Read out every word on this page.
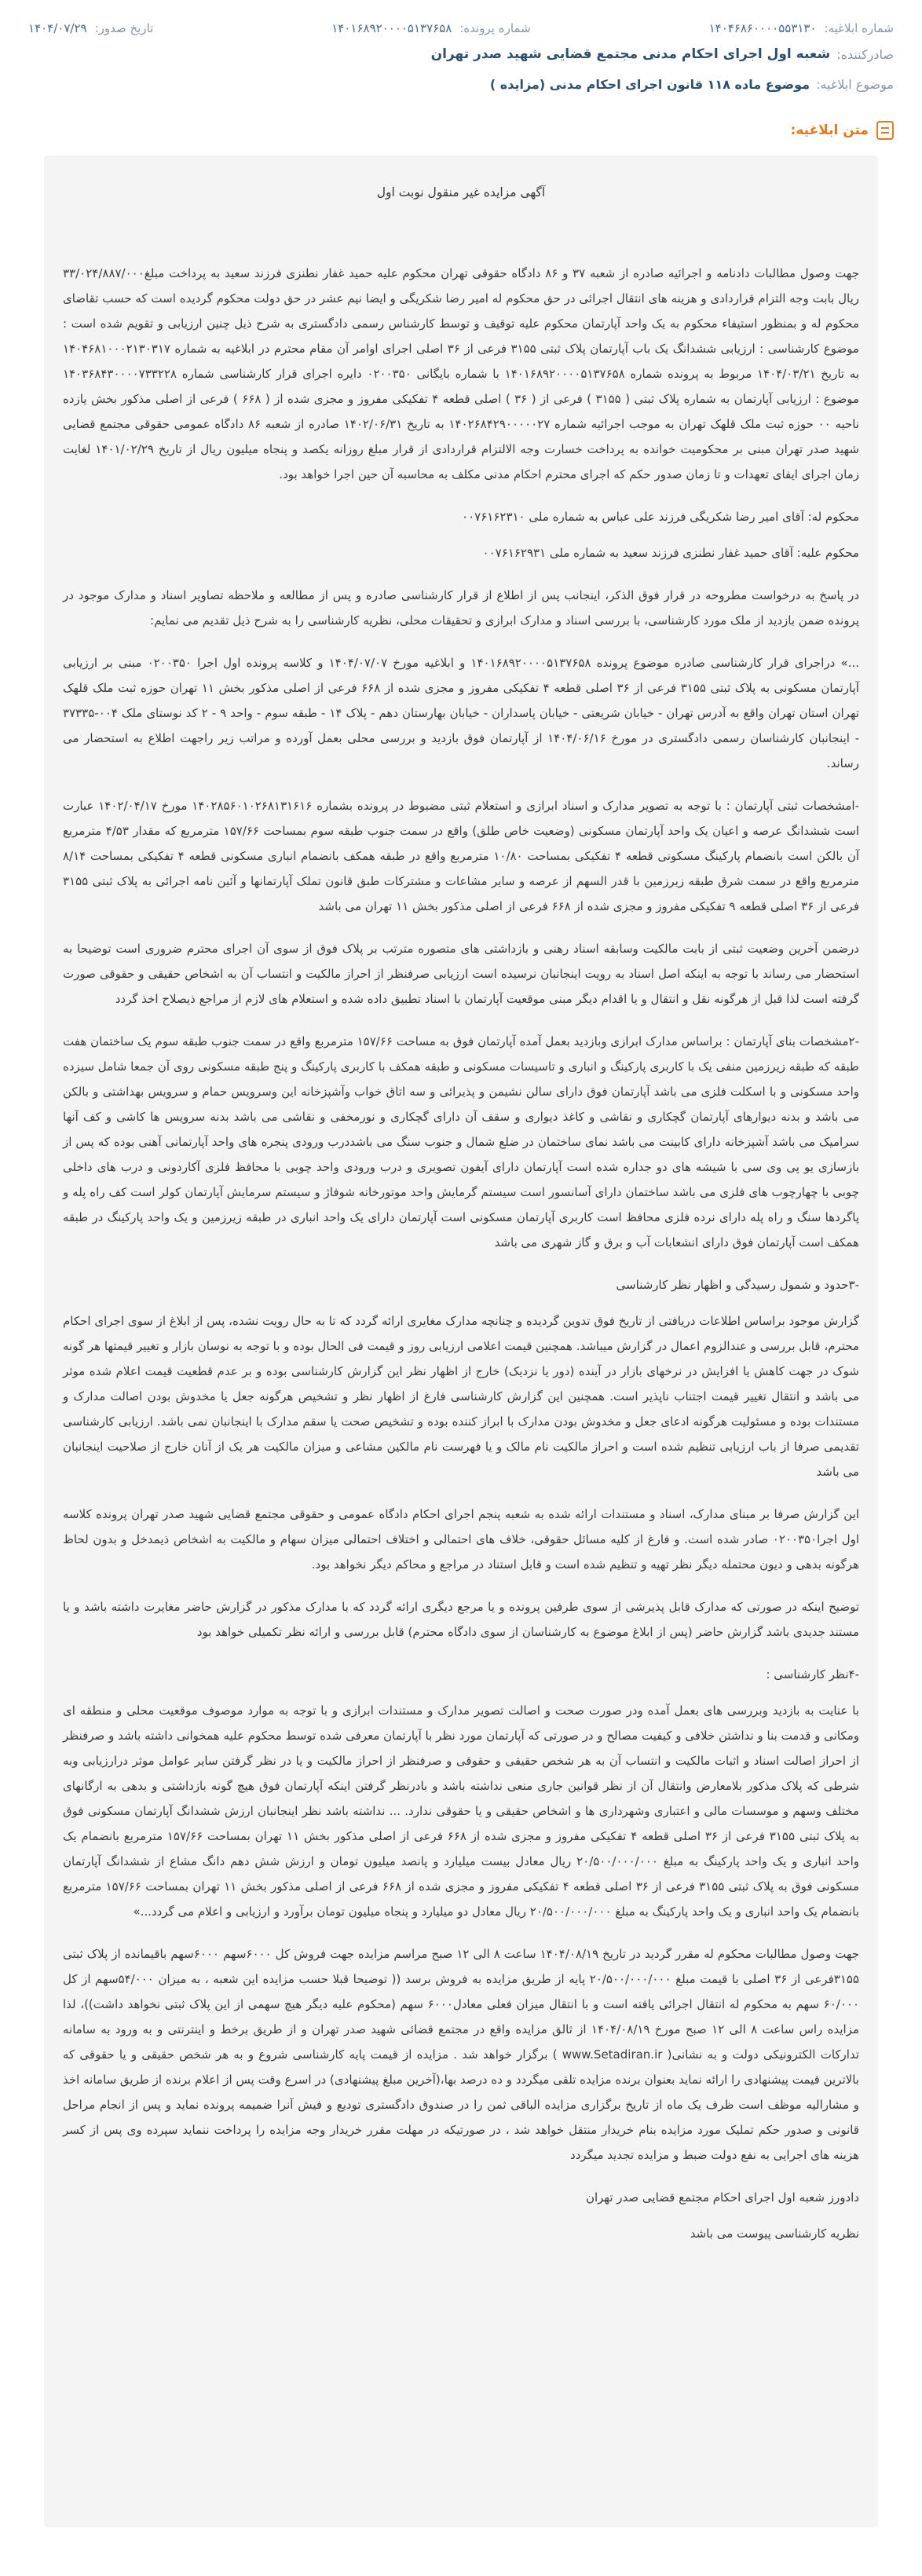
شماره ابلاغیه:
۱۴۰۴۶۸۶۰۰۰۰۵۵۳۱۳۰
شماره پرونده:
۱۴۰۱۶۸۹۲۰۰۰۰۵۱۳۷۶۵۸
تاریخ صدور:
۱۴۰۴/۰۷/۲۹
صادرکننده:
شعبه اول اجرای احکام مدنی مجتمع قضایی شهید صدر تهران
موضوع ابلاغیه:
موضوع ماده ۱۱۸ قانون اجرای احکام مدنی (مزایده )
متن ابلاغیه:
آگهی مزایده غیر منقول نوبت اول

جهت وصول مطالبات دادنامه و اجرائیه صادره از شعبه ۳۷ و ۸۶ دادگاه حقوقی تهران محکوم علیه حمید غفار نطنزی فرزند سعید به پرداخت مبلغ۳۳/۰۲۴/۸۸۷/۰۰۰ ریال بابت وجه التزام قراردادی و هزینه های انتقال اجرائی در حق محکوم له امیر رضا شکریگی و ایضا نیم عشر در حق دولت محکوم گردیده است که حسب تقاضای محکوم له و بمنظور استیفاء محکوم به یک واحد آپارتمان محکوم علیه توقیف و توسط کارشناس رسمی دادگستری به شرح ذیل چنین ارزیابی و تقویم شده است : موضوع کارشناسی : ارزیابی ششدانگ یک باب آپارتمان پلاک ثبتی ۳۱۵۵ فرعی از ۳۶ اصلی اجرای اوامر آن مقام محترم در ابلاغیه به شماره ۱۴۰۴۶۸۱۰۰۰۲۱۳۰۳۱۷ به تاریخ ۱۴۰۴/۰۳/۲۱ مربوط به پرونده شماره ۱۴۰۱۶۸۹۲۰۰۰۰۵۱۳۷۶۵۸ با شماره بایگانی ۰۲۰۰۳۵۰ دایره اجرای قرار کارشناسی شماره ۱۴۰۳۶۸۴۳۰۰۰۰۷۳۳۲۲۸ موضوع : ارزیابی آپارتمان به شماره پلاک ثبتی ( ۳۱۵۵ ) فرعی از ( ۳۶ ) اصلی قطعه ۴ تفکیکی مفروز و مجزی شده از ( ۶۶۸ ) فرعی از اصلی مذکور بخش یازده ناحیه ۰۰ حوزه ثبت ملک قلهک تهران به موجب اجرائیه شماره ۱۴۰۲۶۸۴۲۹۰۰۰۰۰۲۷ به تاریخ ۱۴۰۲/۰۶/۳۱ صادره از شعبه ۸۶ دادگاه عمومی حقوقی مجتمع قضایی شهید صدر تهران مبنی بر محکومیت خوانده به پرداخت خسارت وجه الالتزام قراردادی از قرار مبلغ روزانه یکصد و پنجاه میلیون ریال از تاریخ ۱۴۰۱/۰۲/۲۹ لغایت زمان اجرای ایفای تعهدات و تا زمان صدور حکم که اجرای محترم احکام مدنی مکلف به محاسبه آن حین اجرا خواهد بود.

محکوم له: آقای امیر رضا شکریگی فرزند علی عباس به شماره ملی ۰۰۷۶۱۶۲۳۱۰

محکوم علیه: آقای حمید غفار نطنزی فرزند سعید به شماره ملی ۰۰۷۶۱۶۲۹۳۱

در پاسخ به درخواست مطروحه در قرار فوق الذکر، اینجانب پس از اطلاع از قرار کارشناسی صادره و پس از مطالعه و ملاحظه تصاویر اسناد و مدارک موجود در پرونده ضمن بازدید از ملک مورد کارشناسی، با بررسی اسناد و مدارک ابرازی و تحقیقات محلی، نظریه کارشناسی را به شرح ذیل تقدیم می نمایم:

...» دراجرای قرار کارشناسی صادره موضوع پرونده ۱۴۰۱۶۸۹۲۰۰۰۰۵۱۳۷۶۵۸ و ابلاغیه مورخ ۱۴۰۴/۰۷/۰۷ و کلاسه پرونده اول اجرا ۰۲۰۰۳۵۰ مبنی بر ارزیابی آپارتمان مسکونی به پلاک ثبتی ۳۱۵۵ فرعی از ۳۶ اصلی قطعه ۴ تفکیکی مفروز و مجزی شده از ۶۶۸ فرعی از اصلی مذکور بخش ۱۱ تهران حوزه ثبت ملک قلهک تهران استان تهران واقع به آدرس تهران - خیابان شریعتی - خیابان پاسداران - خیابان بهارستان دهم - پلاک ۱۴ - طبقه سوم - واحد ۹ - ۲ کد نوستای ملک ۰۰۴-۳۷۳۳۵ - اینجانبان کارشناسان رسمی دادگستری در مورخ ۱۴۰۴/۰۶/۱۶ از آپارتمان فوق بازدید و بررسی محلی بعمل آورده و مراتب زیر راجهت اطلاع به استحضار می رساند.

-امشخصات ثبتی آپارتمان : با توجه به تصویر مدارک و اسناد ابرازی و استعلام ثبتی مضبوط در پرونده بشماره ۱۴۰۲۸۵۶۰۱۰۲۶۸۱۳۱۶۱۶ مورخ ۱۴۰۲/۰۴/۱۷ عبارت است ششدانگ عرصه و اعیان یک واحد آپارتمان مسکونی (وضعیت خاص طلق) واقع در سمت جنوب طبقه سوم بمساحت ۱۵۷/۶۶ مترمربع که مقدار ۴/۵۳ مترمربع آن بالکن است بانضمام پارکینگ مسکونی قطعه ۴ تفکیکی بمساحت ۱۰/۸۰ مترمربع واقع در طبقه همکف بانضمام انباری مسکونی قطعه ۴ تفکیکی بمساحت ۸/۱۴ مترمربع واقع در سمت شرق طبقه زیرزمین با قدر السهم از عرصه و سایر مشاعات و مشترکات طبق قانون تملک آپارتمانها و آئین نامه اجرائی به پلاک ثبتی ۳۱۵۵ فرعی از ۳۶ اصلی قطعه ۹ تفکیکی مفروز و مجزی شده از ۶۶۸ فرعی از اصلی مذکور بخش ۱۱ تهران می باشد

درضمن آخرین وضعیت ثبتی از بابت مالکیت وسابقه اسناد رهنی و بازداشتی های متصوره مترتب بر پلاک فوق از سوی آن اجرای محترم ضروری است توضیحا به استحضار می رساند با توجه به اینکه اصل اسناد به رویت اینجانبان نرسیده است ارزیابی صرفنظر از احراز مالکیت و انتساب آن به اشخاص حقیقی و حقوقی صورت گرفته است لذا قبل از هرگونه نقل و انتقال و یا اقدام دیگر مبنی موقعیت آپارتمان با اسناد تطبیق داده شده و استعلام های لازم از مراجع ذیصلاح اخذ گردد

-۲مشخصات بنای آپارتمان : براساس مدارک ابرازی وبازدید بعمل آمده آپارتمان فوق به مساحت ۱۵۷/۶۶ مترمربع واقع در سمت جنوب طبقه سوم یک ساختمان هفت طبقه که طبقه زیرزمین منفی یک با کاربری پارکینگ و انباری و تاسیسات مسکونی و طبقه همکف با کاربری پارکینگ و پنج طبقه مسکونی روی آن جمعا شامل سیزده واحد مسکونی و با اسکلت فلزی می باشد آپارتمان فوق دارای سالن نشیمن و پذیرائی و سه اتاق خواب وآشپزخانه این وسرویس حمام و سرویس بهداشتی و بالکن می باشد و بدنه دیوارهای آپارتمان گچکاری و نقاشی و کاغذ دیواری و سقف آن دارای گچکاری و نورمخفی و نقاشی می باشد بدنه سرویس ها کاشی و کف آنها سرامیک می باشد آشپزخانه دارای کابینت می باشد نمای ساختمان در ضلع شمال و جنوب سنگ می باشددرب ورودی پنجره های واحد آپارتمانی آهنی بوده که پس از بازسازی یو پی وی سی با شیشه های دو جداره شده است آپارتمان دارای آیفون تصویری و درب ورودی واحد چوبی با محافظ فلزی آکاردونی و درب های داخلی چوبی با چهارچوب های فلزی می باشد ساختمان دارای آسانسور است سیستم گرمایش واحد موتورخانه شوفاژ و سیستم سرمایش آپارتمان کولر است کف راه پله و پاگردها سنگ و راه پله دارای نرده فلزی محافظ است کاربری آپارتمان مسکونی است آپارتمان دارای یک واحد انباری در طبقه زیرزمین و یک واحد پارکینگ در طبقه همکف است آپارتمان فوق دارای انشعابات آب و برق و گاز شهری می باشد

-۳حدود و شمول رسیدگی و اظهار نظر کارشناسی

گزارش موجود براساس اطلاعات دریافتی از تاریخ فوق تدوین گردیده و چنانچه مدارک مغایری ارائه گردد که تا به حال رویت نشده، پس از ابلاغ از سوی اجرای احکام محترم، قابل بررسی و عندالزوم اعمال در گزارش میباشد. همچنین قیمت اعلامی ارزیابی روز و قیمت فی الحال بوده و با توجه به نوسان بازار و تغییر قیمتها هر گونه شوک در جهت کاهش یا افزایش در نرخهای بازار در آینده (دور یا نزدیک) خارج از اظهار نظر این گزارش کارشناسی بوده و بر عدم قطعیت قیمت اعلام شده موثر می باشد و انتقال تغییر قیمت اجتناب ناپذیر است. همچنین این گزارش کارشناسی فارغ از اظهار نظر و تشخیص هرگونه جعل یا مخدوش بودن اصالت مدارک و مستندات بوده و مسئولیت هرگونه ادعای جعل و مخدوش بودن مدارک با ابراز کننده بوده و تشخیص صحت یا سقم مدارک با اینجانبان نمی باشد. ارزیابی کارشناسی تقدیمی صرفا از باب ارزیابی تنظیم شده است و احراز مالکیت نام مالک و یا فهرست نام مالکین مشاعی و میزان مالکیت هر یک از آنان خارج از صلاحیت اینجانبان می باشد

این گزارش صرفا بر مبنای مدارک، اسناد و مستندات ارائه شده به شعبه پنجم اجرای احکام دادگاه عمومی و حقوقی مجتمع قضایی شهید صدر تهران پرونده کلاسه اول اجرا۰۲۰۰۳۵۰ صادر شده است. و فارغ از کلیه مسائل حقوقی، خلاف های احتمالی و اختلاف احتمالی میزان سهام و مالکیت به اشخاص ذیمدخل و بدون لحاظ هرگونه بدهی و دیون محتمله دیگر نظر تهیه و تنظیم شده است و قابل استناد در مراجع و محاکم دیگر نخواهد بود.

توضیح اینکه در صورتی که مدارک قابل پذیرشی از سوی طرفین پرونده و یا مرجع دیگری ارائه گردد که با مدارک مذکور در گزارش حاضر مغایرت داشته باشد و یا مستند جدیدی باشد گزارش حاضر (پس از ابلاغ موضوع به کارشناسان از سوی دادگاه محترم) قابل بررسی و ارائه نظر تکمیلی خواهد بود

-۴نظر کارشناسی :

با عنایت به بازدید وبررسی های بعمل آمده ودر صورت صحت و اصالت تصویر مدارک و مستندات ابرازی و با توجه به موارد موصوف موقعیت محلی و منطقه ای ومکانی و قدمت بنا و نداشتن خلافی و کیفیت مصالح و در صورتی که آپارتمان مورد نظر با آپارتمان معرفی شده توسط محکوم علیه همخوانی داشته باشد و صرفنظر از احراز اصالت اسناد و اثبات مالکیت و انتساب آن به هر شخص حقیقی و حقوقی و صرفنظر از احراز مالکیت و یا در نظر گرفتن سایر عوامل موثر درارزیابی وبه شرطی که پلاک مذکور بلامعارض وانتقال آن از نظر قوانین جاری منعی نداشته باشد و بادرنظر گرفتن اینکه آپارتمان فوق هیچ گونه بازداشتی و بدهی به ارگانهای مختلف وسهم و موسسات مالی و اعتباری وشهرداری ها و اشخاص حقیقی و یا حقوقی ندارد. ... نداشته باشد نظر اینجانبان ارزش ششدانگ آپارتمان مسکونی فوق به پلاک ثبتی ۳۱۵۵ فرعی از ۳۶ اصلی قطعه ۴ تفکیکی مفروز و مجزی شده از ۶۶۸ فرعی از اصلی مذکور بخش ۱۱ تهران بمساحت ۱۵۷/۶۶ مترمربع بانضمام یک واحد انباری و یک واحد پارکینگ به مبلغ ۲۰/۵۰۰/۰۰۰/۰۰۰ ریال معادل بیست میلیارد و پانصد میلیون تومان و ارزش شش دهم دانگ مشاع از ششدانگ آپارتمان مسکونی فوق به پلاک ثبتی ۳۱۵۵ فرعی از ۳۶ اصلی قطعه ۴ تفکیکی مفروز و مجزی شده از ۶۶۸ فرعی از اصلی مذکور بخش ۱۱ تهران بمساحت ۱۵۷/۶۶ مترمربع بانضمام یک واحد انباری و یک واحد پارکینگ به مبلغ ۲۰/۵۰۰/۰۰۰/۰۰۰ ریال معادل دو میلیارد و پنجاه میلیون تومان برآورد و ارزیابی و اعلام می گردد...»

جهت وصول مطالبات محکوم له مقرر گردید در تاریخ ۱۴۰۴/۰۸/۱۹ ساعت ۸ الی ۱۲ صبح مراسم مزایده جهت فروش کل ۶۰۰۰سهم ۶۰۰۰سهم باقیمانده از پلاک ثبتی ۳۱۵۵فرعی از ۳۶ اصلی با قیمت مبلغ ۲۰/۵۰۰/۰۰۰/۰۰۰ پایه از طریق مزایده به فروش برسد (( توضیحا قبلا حسب مزایده این شعبه ، به میزان ۵۴/۰۰۰سهم از کل ۶۰/۰۰۰ سهم به محکوم له انتقال اجرائی یافته است و با انتقال میزان فعلی معادل۶۰۰۰ سهم (محکوم علیه دیگر هیچ سهمی از این پلاک ثبتی نخواهد داشت))، لذا مزایده راس ساعت ۸ الی ۱۲ صبح مورخ ۱۴۰۴/۰۸/۱۹ از ثالق مزایده واقع در مجتمع قضائی شهید صدر تهران و از طریق برخط و اینترنتی و به ورود به سامانه تدارکات الکترونیکی دولت و به نشانی( www.Setadiran.ir ) برگزار خواهد شد . مزایده از قیمت پایه کارشناسی شروع و به هر شخص حقیقی و یا حقوقی که بالاترین قیمت پیشنهادی را ارائه نماید بعنوان برنده مزایده تلقی میگردد و ده درصد بها،(آخرین مبلغ پیشنهادی) در اسرع وقت پس از اعلام برنده از طریق سامانه اخذ و مشارالیه موظف است ظرف یک ماه از تاریخ برگزاری مزایده الباقی ثمن را در صندوق دادگستری تودیع و فیش آنرا ضمیمه پرونده نماید و پس از انجام مراحل قانونی و صدور حکم تملیک مورد مزایده بنام خریدار منتقل خواهد شد ، در صورتیکه در مهلت مقرر خریدار وجه مزایده را پرداخت ننماید سپرده وی پس از کسر هزینه های اجرایی به نفع دولت ضبط و مزایده تجدید میگردد

دادورز شعبه اول اجرای احکام مجتمع قضایی صدر تهران

نظریه کارشناسی پیوست می باشد
